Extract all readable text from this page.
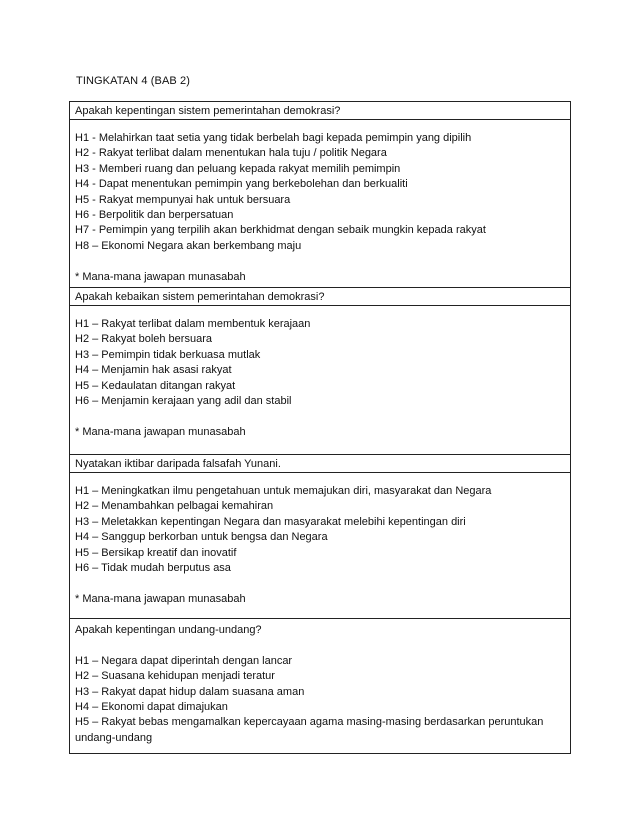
TINGKATAN 4 (BAB 2)
Apakah kepentingan sistem pemerintahan demokrasi?
H1 - Melahirkan taat setia yang tidak berbelah bagi kepada pemimpin yang dipilih
H2 - Rakyat terlibat dalam menentukan hala tuju / politik Negara
H3 - Memberi ruang dan peluang kepada rakyat memilih pemimpin
H4 - Dapat menentukan pemimpin yang berkebolehan dan berkualiti
H5 - Rakyat mempunyai hak untuk bersuara
H6 - Berpolitik dan berpersatuan
H7 - Pemimpin yang terpilih akan berkhidmat dengan sebaik mungkin kepada rakyat
H8 – Ekonomi Negara akan berkembang maju
* Mana-mana jawapan munasabah
Apakah kebaikan sistem pemerintahan demokrasi?
H1 – Rakyat terlibat dalam membentuk kerajaan
H2 – Rakyat boleh bersuara
H3 – Pemimpin tidak berkuasa mutlak
H4 – Menjamin hak asasi rakyat
H5 – Kedaulatan ditangan rakyat
H6 – Menjamin kerajaan yang adil dan stabil
* Mana-mana jawapan munasabah
Nyatakan iktibar daripada falsafah Yunani.
H1 – Meningkatkan ilmu pengetahuan untuk memajukan diri, masyarakat dan Negara
H2 – Menambahkan pelbagai kemahiran
H3 – Meletakkan kepentingan Negara dan masyarakat melebihi kepentingan diri
H4 – Sanggup berkorban untuk bengsa dan Negara
H5 – Bersikap kreatif dan inovatif
H6 – Tidak mudah berputus asa
* Mana-mana jawapan munasabah
Apakah kepentingan undang-undang?
H1 – Negara dapat diperintah dengan lancar
H2 – Suasana kehidupan menjadi teratur
H3 – Rakyat dapat hidup dalam suasana aman
H4 – Ekonomi dapat dimajukan
H5 – Rakyat bebas mengamalkan kepercayaan agama masing-masing berdasarkan peruntukan undang-undang
